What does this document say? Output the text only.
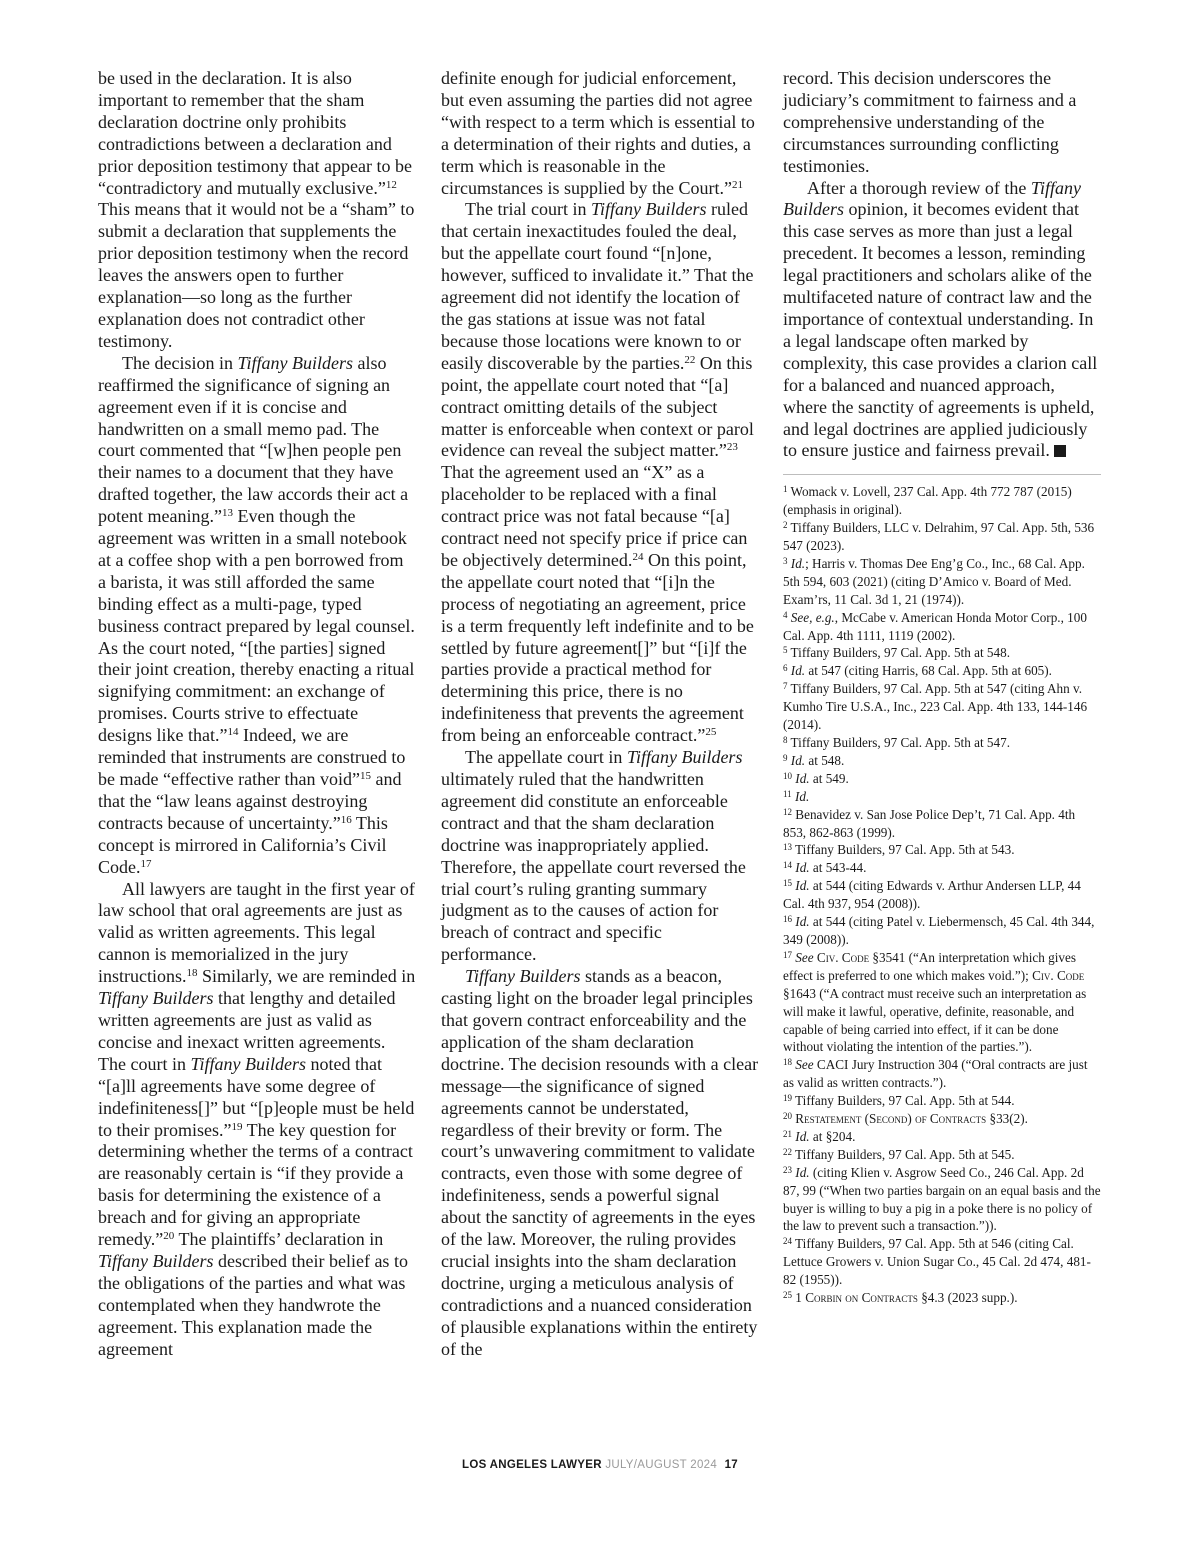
be used in the declaration. It is also important to remember that the sham declaration doctrine only prohibits contradictions between a declaration and prior deposition testimony that appear to be “contradictory and mutually exclusive.”$^{12}$ This means that it would not be a “sham” to submit a declaration that supplements the prior deposition testimony when the record leaves the answers open to further explanation—so long as the further explanation does not contradict other testimony.

The decision in Tiffany Builders also reaffirmed the significance of signing an agreement even if it is concise and handwritten on a small memo pad. The court commented that “[w]hen people pen their names to a document that they have drafted together, the law accords their act a potent meaning.”$^{13}$ Even though the agreement was written in a small notebook at a coffee shop with a pen borrowed from a barista, it was still afforded the same binding effect as a multi-page, typed business contract prepared by legal counsel. As the court noted, “[the parties] signed their joint creation, thereby enacting a ritual signifying commitment: an exchange of promises. Courts strive to effectuate designs like that.”$^{14}$ Indeed, we are reminded that instruments are construed to be made “effective rather than void”$^{15}$ and that the “law leans against destroying contracts because of uncertainty.”$^{16}$ This concept is mirrored in California’s Civil Code.$^{17}$

All lawyers are taught in the first year of law school that oral agreements are just as valid as written agreements. This legal cannon is memorialized in the jury instructions.$^{18}$ Similarly, we are reminded in Tiffany Builders that lengthy and detailed written agreements are just as valid as concise and inexact written agreements. The court in Tiffany Builders noted that “[a]ll agreements have some degree of indefiniteness[]” but “[p]eople must be held to their promises.”$^{19}$ The key question for determining whether the terms of a contract are reasonably certain is “if they provide a basis for determining the existence of a breach and for giving an appropriate remedy.”$^{20}$ The plaintiffs’ declaration in Tiffany Builders described their belief as to the obligations of the parties and what was contemplated when they handwrote the agreement. This explanation made the agreement

definite enough for judicial enforcement, but even assuming the parties did not agree “with respect to a term which is essential to a determination of their rights and duties, a term which is reasonable in the circumstances is supplied by the Court.”$^{21}$

The trial court in Tiffany Builders ruled that certain inexactitudes fouled the deal, but the appellate court found “[n]one, however, sufficed to invalidate it.” That the agreement did not identify the location of the gas stations at issue was not fatal because those locations were known to or easily discoverable by the parties.$^{22}$ On this point, the appellate court noted that “[a] contract omitting details of the subject matter is enforceable when context or parol evidence can reveal the subject matter.”$^{23}$ That the agreement used an “X” as a placeholder to be replaced with a final contract price was not fatal because “[a] contract need not specify price if price can be objectively determined.$^{24}$ On this point, the appellate court noted that “[i]n the process of negotiating an agreement, price is a term frequently left indefinite and to be settled by future agreement[]” but “[i]f the parties provide a practical method for determining this price, there is no indefiniteness that prevents the agreement from being an enforceable contract.”$^{25}$

The appellate court in Tiffany Builders ultimately ruled that the handwritten agreement did constitute an enforceable contract and that the sham declaration doctrine was inappropriately applied. Therefore, the appellate court reversed the trial court’s ruling granting summary judgment as to the causes of action for breach of contract and specific performance.

Tiffany Builders stands as a beacon, casting light on the broader legal principles that govern contract enforceability and the application of the sham declaration doctrine. The decision resounds with a clear message—the significance of signed agreements cannot be understated, regardless of their brevity or form. The court’s unwavering commitment to validate contracts, even those with some degree of indefiniteness, sends a powerful signal about the sanctity of agreements in the eyes of the law. Moreover, the ruling provides crucial insights into the sham declaration doctrine, urging a meticulous analysis of contradictions and a nuanced consideration of plausible explanations within the entirety of the

record. This decision underscores the judiciary’s commitment to fairness and a comprehensive understanding of the circumstances surrounding conflicting testimonies.

After a thorough review of the Tiffany Builders opinion, it becomes evident that this case serves as more than just a legal precedent. It becomes a lesson, reminding legal practitioners and scholars alike of the multifaceted nature of contract law and the importance of contextual understanding. In a legal landscape often marked by complexity, this case provides a clarion call for a balanced and nuanced approach, where the sanctity of agreements is upheld, and legal doctrines are applied judiciously to ensure justice and fairness prevail.

$^1$ Womack v. Lovell, 237 Cal. App. 4th 772 787 (2015) (emphasis in original).

$^2$ Tiffany Builders, LLC v. Delrahim, 97 Cal. App. 5th, 536 547 (2023).

$^3$ Id.; Harris v. Thomas Dee Eng’g Co., Inc., 68 Cal. App. 5th 594, 603 (2021) (citing D’Amico v. Board of Med. Exam’rs, 11 Cal. 3d 1, 21 (1974)).

$^4$ See, e.g., McCabe v. American Honda Motor Corp., 100 Cal. App. 4th 1111, 1119 (2002).

$^5$ Tiffany Builders, 97 Cal. App. 5th at 548.

$^6$ Id. at 547 (citing Harris, 68 Cal. App. 5th at 605).

$^7$ Tiffany Builders, 97 Cal. App. 5th at 547 (citing Ahn v. Kumho Tire U.S.A., Inc., 223 Cal. App. 4th 133, 144-146 (2014).

$^8$ Tiffany Builders, 97 Cal. App. 5th at 547.

$^9$ Id. at 548.

$^{10}$ Id. at 549.

$^{11}$ Id.

$^{12}$ Benavidez v. San Jose Police Dep’t, 71 Cal. App. 4th 853, 862-863 (1999).

$^{13}$ Tiffany Builders, 97 Cal. App. 5th at 543.

$^{14}$ Id. at 543-44.

$^{15}$ Id. at 544 (citing Edwards v. Arthur Andersen LLP, 44 Cal. 4th 937, 954 (2008)).

$^{16}$ Id. at 544 (citing Patel v. Liebermensch, 45 Cal. 4th 344, 349 (2008)).

$^{17}$ See Civ. Code §3541 (“An interpretation which gives effect is preferred to one which makes void.”); Civ. Code §1643 (“A contract must receive such an interpretation as will make it lawful, operative, definite, reasonable, and capable of being carried into effect, if it can be done without violating the intention of the parties.”).

$^{18}$ See CACI Jury Instruction 304 (“Oral contracts are just as valid as written contracts.”).

$^{19}$ Tiffany Builders, 97 Cal. App. 5th at 544.

$^{20}$ Restatement (Second) of Contracts §33(2).

$^{21}$ Id. at §204.

$^{22}$ Tiffany Builders, 97 Cal. App. 5th at 545.

$^{23}$ Id. (citing Klien v. Asgrow Seed Co., 246 Cal. App. 2d 87, 99 (“When two parties bargain on an equal basis and the buyer is willing to buy a pig in a poke there is no policy of the law to prevent such a transaction.”)).

$^{24}$ Tiffany Builders, 97 Cal. App. 5th at 546 (citing Cal. Lettuce Growers v. Union Sugar Co., 45 Cal. 2d 474, 481-82 (1955)).

$^{25}$ 1 Corbin on Contracts §4.3 (2023 supp.).

LOS ANGELES LAWYER JULY/AUGUST 2024 17
